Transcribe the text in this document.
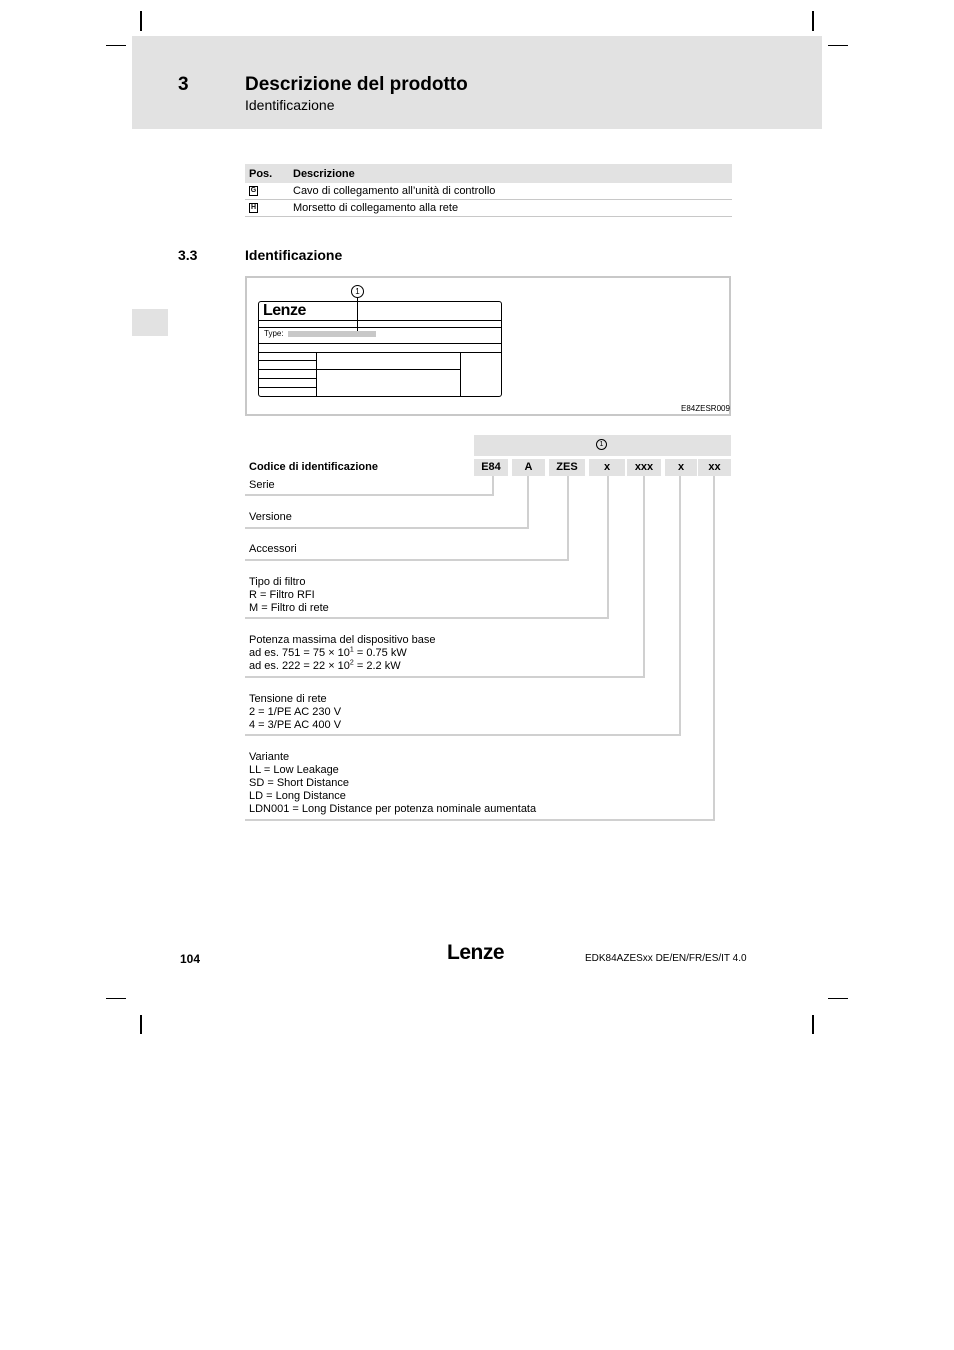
3	Descrizione del prodotto
Identificazione
Pos.	Descrizione
G	Cavo di collegamento all’unità di controllo
H	Morsetto di collegamento alla rete
3.3	Identificazione
1
Lenze
Type:
E84ZESR009
1
Codice di identificazione	E84	A	ZES	x	xxx	x	xx
Serie
Versione
Accessori
Tipo di filtro
R = Filtro RFI
M = Filtro di rete
Potenza massima del dispositivo base
ad es. $751 = 75 \times 10^1 = 0.75$ kW
ad es. $222 = 22 \times 10^2 = 2.2$ kW
Tensione di rete
2 = 1/PE AC 230 V
4 = 3/PE AC 400 V
Variante
LL = Low Leakage
SD = Short Distance
LD = Long Distance
LDN001 = Long Distance per potenza nominale aumentata
104	Lenze	EDK84AZESxx DE/EN/FR/ES/IT 4.0
